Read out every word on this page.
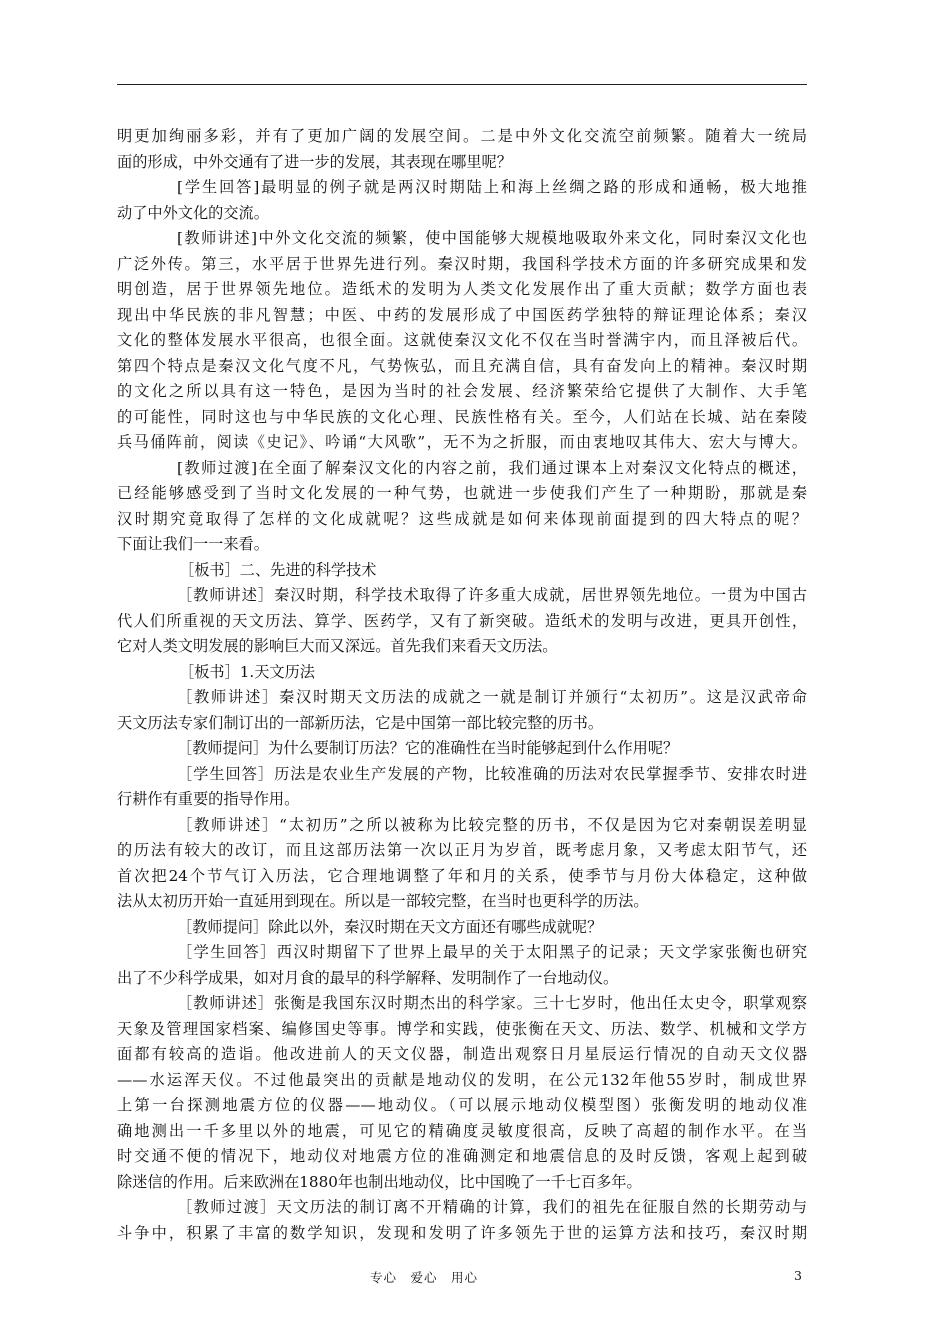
明更加绚丽多彩，并有了更加广阔的发展空间。二是中外文化交流空前频繁。随着大一统局
面的形成，中外交通有了进一步的发展，其表现在哪里呢？
[学生回答]最明显的例子就是两汉时期陆上和海上丝绸之路的形成和通畅，极大地推
动了中外文化的交流。
[教师讲述]中外文化交流的频繁，使中国能够大规模地吸取外来文化，同时秦汉文化也
广泛外传。第三，水平居于世界先进行列。秦汉时期，我国科学技术方面的许多研究成果和发
明创造，居于世界领先地位。造纸术的发明为人类文化发展作出了重大贡献；数学方面也表
现出中华民族的非凡智慧；中医、中药的发展形成了中国医药学独特的辩证理论体系；秦汉
文化的整体发展水平很高，也很全面。这就使秦汉文化不仅在当时誉满宇内，而且泽被后代。
第四个特点是秦汉文化气度不凡，气势恢弘，而且充满自信，具有奋发向上的精神。秦汉时期
的文化之所以具有这一特色，是因为当时的社会发展、经济繁荣给它提供了大制作、大手笔
的可能性，同时这也与中华民族的文化心理、民族性格有关。至今，人们站在长城、站在秦陵
兵马俑阵前，阅读《史记》、吟诵“大风歌”，无不为之折服，而由衷地叹其伟大、宏大与博大。
[教师过渡]在全面了解秦汉文化的内容之前，我们通过课本上对秦汉文化特点的概述，
已经能够感受到了当时文化发展的一种气势，也就进一步使我们产生了一种期盼，那就是秦
汉时期究竟取得了怎样的文化成就呢？这些成就是如何来体现前面提到的四大特点的呢？
下面让我们一一来看。
［板书］二、先进的科学技术
［教师讲述］秦汉时期，科学技术取得了许多重大成就，居世界领先地位。一贯为中国古
代人们所重视的天文历法、算学、医药学，又有了新突破。造纸术的发明与改进，更具开创性，
它对人类文明发展的影响巨大而又深远。首先我们来看天文历法。
［板书］1.天文历法
［教师讲述］秦汉时期天文历法的成就之一就是制订并颁行“太初历”。这是汉武帝命
天文历法专家们制订出的一部新历法，它是中国第一部比较完整的历书。
［教师提问］为什么要制订历法？它的准确性在当时能够起到什么作用呢？
［学生回答］历法是农业生产发展的产物，比较准确的历法对农民掌握季节、安排农时进
行耕作有重要的指导作用。
［教师讲述］“太初历”之所以被称为比较完整的历书，不仅是因为它对秦朝误差明显
的历法有较大的改订，而且这部历法第一次以正月为岁首，既考虑月象，又考虑太阳节气，还
首次把24个节气订入历法，它合理地调整了年和月的关系，使季节与月份大体稳定，这种做
法从太初历开始一直延用到现在。所以是一部较完整，在当时也更科学的历法。
［教师提问］除此以外，秦汉时期在天文方面还有哪些成就呢？
［学生回答］西汉时期留下了世界上最早的关于太阳黑子的记录；天文学家张衡也研究
出了不少科学成果，如对月食的最早的科学解释、发明制作了一台地动仪。
［教师讲述］张衡是我国东汉时期杰出的科学家。三十七岁时，他出任太史令，职掌观察
天象及管理国家档案、编修国史等事。博学和实践，使张衡在天文、历法、数学、机械和文学方
面都有较高的造诣。他改进前人的天文仪器，制造出观察日月星辰运行情况的自动天文仪器
——水运浑天仪。不过他最突出的贡献是地动仪的发明，在公元132年他55岁时，制成世界
上第一台探测地震方位的仪器——地动仪。（可以展示地动仪模型图）张衡发明的地动仪准
确地测出一千多里以外的地震，可见它的精确度灵敏度很高，反映了高超的制作水平。在当
时交通不便的情况下，地动仪对地震方位的准确测定和地震信息的及时反馈，客观上起到破
除迷信的作用。后来欧洲在1880年也制出地动仪，比中国晚了一千七百多年。
［教师过渡］天文历法的制订离不开精确的计算，我们的祖先在征服自然的长期劳动与
斗争中，积累了丰富的数学知识，发现和发明了许多领先于世的运算方法和技巧，秦汉时期
专心　爱心　用心	3
